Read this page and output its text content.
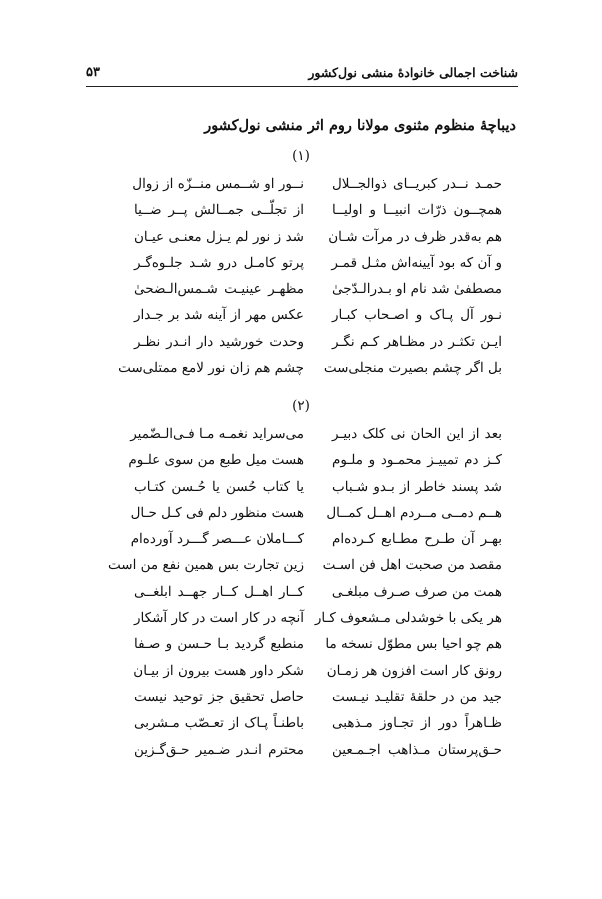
شناخت اجمالی خانوادهٔ منشی نول‌کشور
۵۳
دیباچهٔ منظوم مثنوی مولانا روم اثر منشی نول‌کشور
(۱)
حمـد نــدر کبریــای ذوالجــلال
نــور او شــمس منــزّه از زوال
همچــون ذرّات انبیــا و اولیــا
از تجلّــی جمــالش پــر ضــیا
هم به‌قدر ظرف در مرآت شـان
شد ز نور لم یـزل معنـی عیـان
و آن که بود آیینه‌اش مثـل قمـر
پرتو کامـل درو شـد جلـوه‌گـر
مصطفیٰ شد نام او بـدرالـدّجیٰ
مظهـر عینیـت شـمس‌الـضحیٰ
نـور آل پـاک و اصـحاب کبـار
عکس مهر از آینه شد بر جـدار
ایـن تکثـر در مظـاهر کـم نگـر
وحدت خورشید دار انـدر نظـر
بل اگر چشم بصیرت منجلی‌ست
چشم هم زان نور لامع ممتلی‌ست
(۲)
بعد از این الحان نی کلک دبیـر
می‌سراید نغمـه مـا فـی‌الـضّمیر
کـز دم تمییـز محمـود و ملـوم
هست میل طبع من سوی علـوم
شد پسند خاطر از بـدو شـباب
یا کتاب حُسن یا حُـسن کتـاب
هــم دمــی مــردم اهــل کمــال
هست منظور دلم فی کـل حـال
بهـر آن طـرح مطـابع کـرده‌ام
کـــاملان عـــصر گـــرد آورده‌ام
مقصد من صحبت اهل فن اسـت
زین تجارت بس همین نفع من است
همت من صرف صـرف مبلغـی
کــار اهــل کــار جهــد ابلغــی
هر یکی با خوشدلی مـشعوف کـار
آنچه در کار است در کار آشکار
هم چو احیا بس مطوّل نسخه ما
منطبع گردید بـا حـسن و صـفا
رونق کار است افزون هر زمـان
شکر داور هست بیرون از بیـان
جید من در حلقهٔ تقلیـد نیـست
حاصل تحقیق جز توحید نیست
ظـاهراً دور از تجـاوز مـذهبی
باطنـاً پـاک از تعـصّب مـشربی
حـق‌پرستان مـذاهب اجـمـعین
محترم انـدر ضـمیر حـق‌گـزین
